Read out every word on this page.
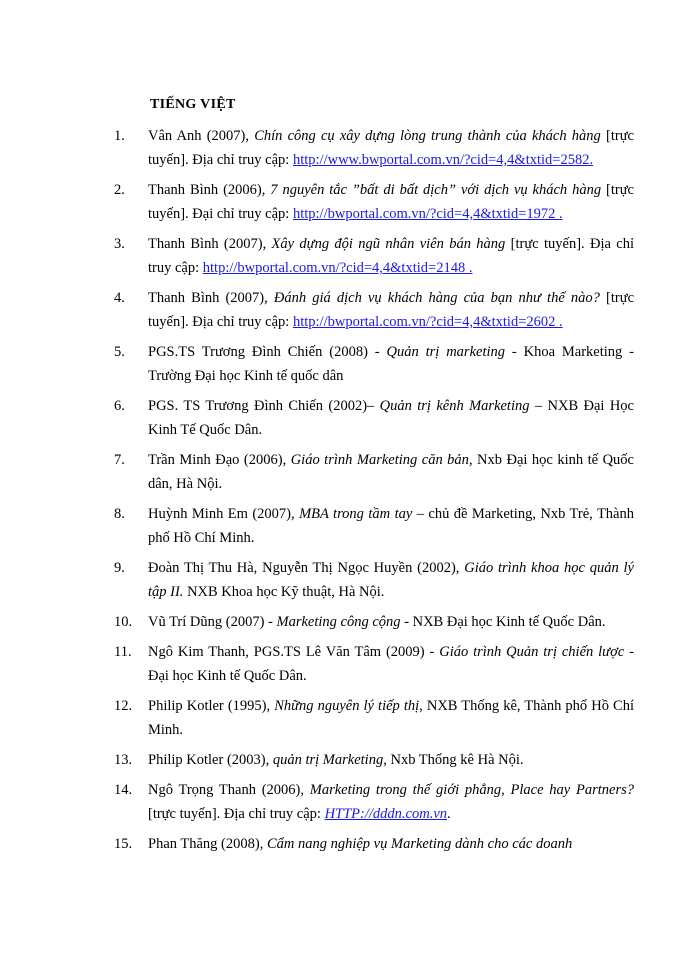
TIẾNG VIỆT
1.	Vân Anh (2007), Chín công cụ xây dựng lòng trung thành của khách hàng [trực tuyến]. Địa chỉ truy cập: http://www.bwportal.com.vn/?cid=4,4&txtid=2582.
2.	Thanh Bình (2006), 7 nguyên tắc ”bất di bất dịch” với dịch vụ khách hàng [trực tuyến]. Đại chỉ truy cập: http://bwportal.com.vn/?cid=4,4&txtid=1972 .
3.	Thanh Bình (2007), Xây dựng đội ngũ nhân viên bán hàng [trực tuyến]. Địa chỉ truy cập: http://bwportal.com.vn/?cid=4,4&txtid=2148 .
4.	Thanh Bình (2007), Đánh giá dịch vụ khách hàng của bạn như thế nào? [trực tuyến]. Địa chỉ truy cập: http://bwportal.com.vn/?cid=4,4&txtid=2602 .
5.	PGS.TS Trương Đình Chiến (2008) - Quản trị marketing - Khoa Marketing - Trường Đại học Kinh tế quốc dân
6.	PGS. TS Trương Đình Chiến (2002)– Quản trị kênh Marketing – NXB Đại Học Kinh Tế Quốc Dân.
7.	Trần Minh Đạo (2006), Giáo trình Marketing căn bản, Nxb Đại học kinh tế Quốc dân, Hà Nội.
8.	Huỳnh Minh Em (2007), MBA trong tầm tay – chủ đề Marketing, Nxb Trẻ, Thành phố Hồ Chí Minh.
9.	Đoàn Thị Thu Hà, Nguyễn Thị Ngọc Huyền (2002), Giáo trình khoa học quản lý tập II. NXB Khoa học Kỹ thuật, Hà Nội.
10.	Vũ Trí Dũng (2007) - Marketing công cộng - NXB Đại học Kinh tế Quốc Dân.
11.	Ngô Kim Thanh, PGS.TS Lê Văn Tâm (2009) - Giáo trình Quản trị chiến lược - Đại học Kinh tế Quốc Dân.
12.	Philip Kotler (1995), Những nguyên lý tiếp thị, NXB Thống kê, Thành phố Hồ Chí Minh.
13.	Philip Kotler (2003), quản trị Marketing, Nxb Thống kê Hà Nội.
14.	Ngô Trọng Thanh (2006), Marketing trong thế giới phẳng, Place hay Partners? [trực tuyến]. Địa chỉ truy cập: HTTP://dddn.com.vn.
15.	Phan Thăng (2008), Cẩm nang nghiệp vụ Marketing dành cho các doanh
